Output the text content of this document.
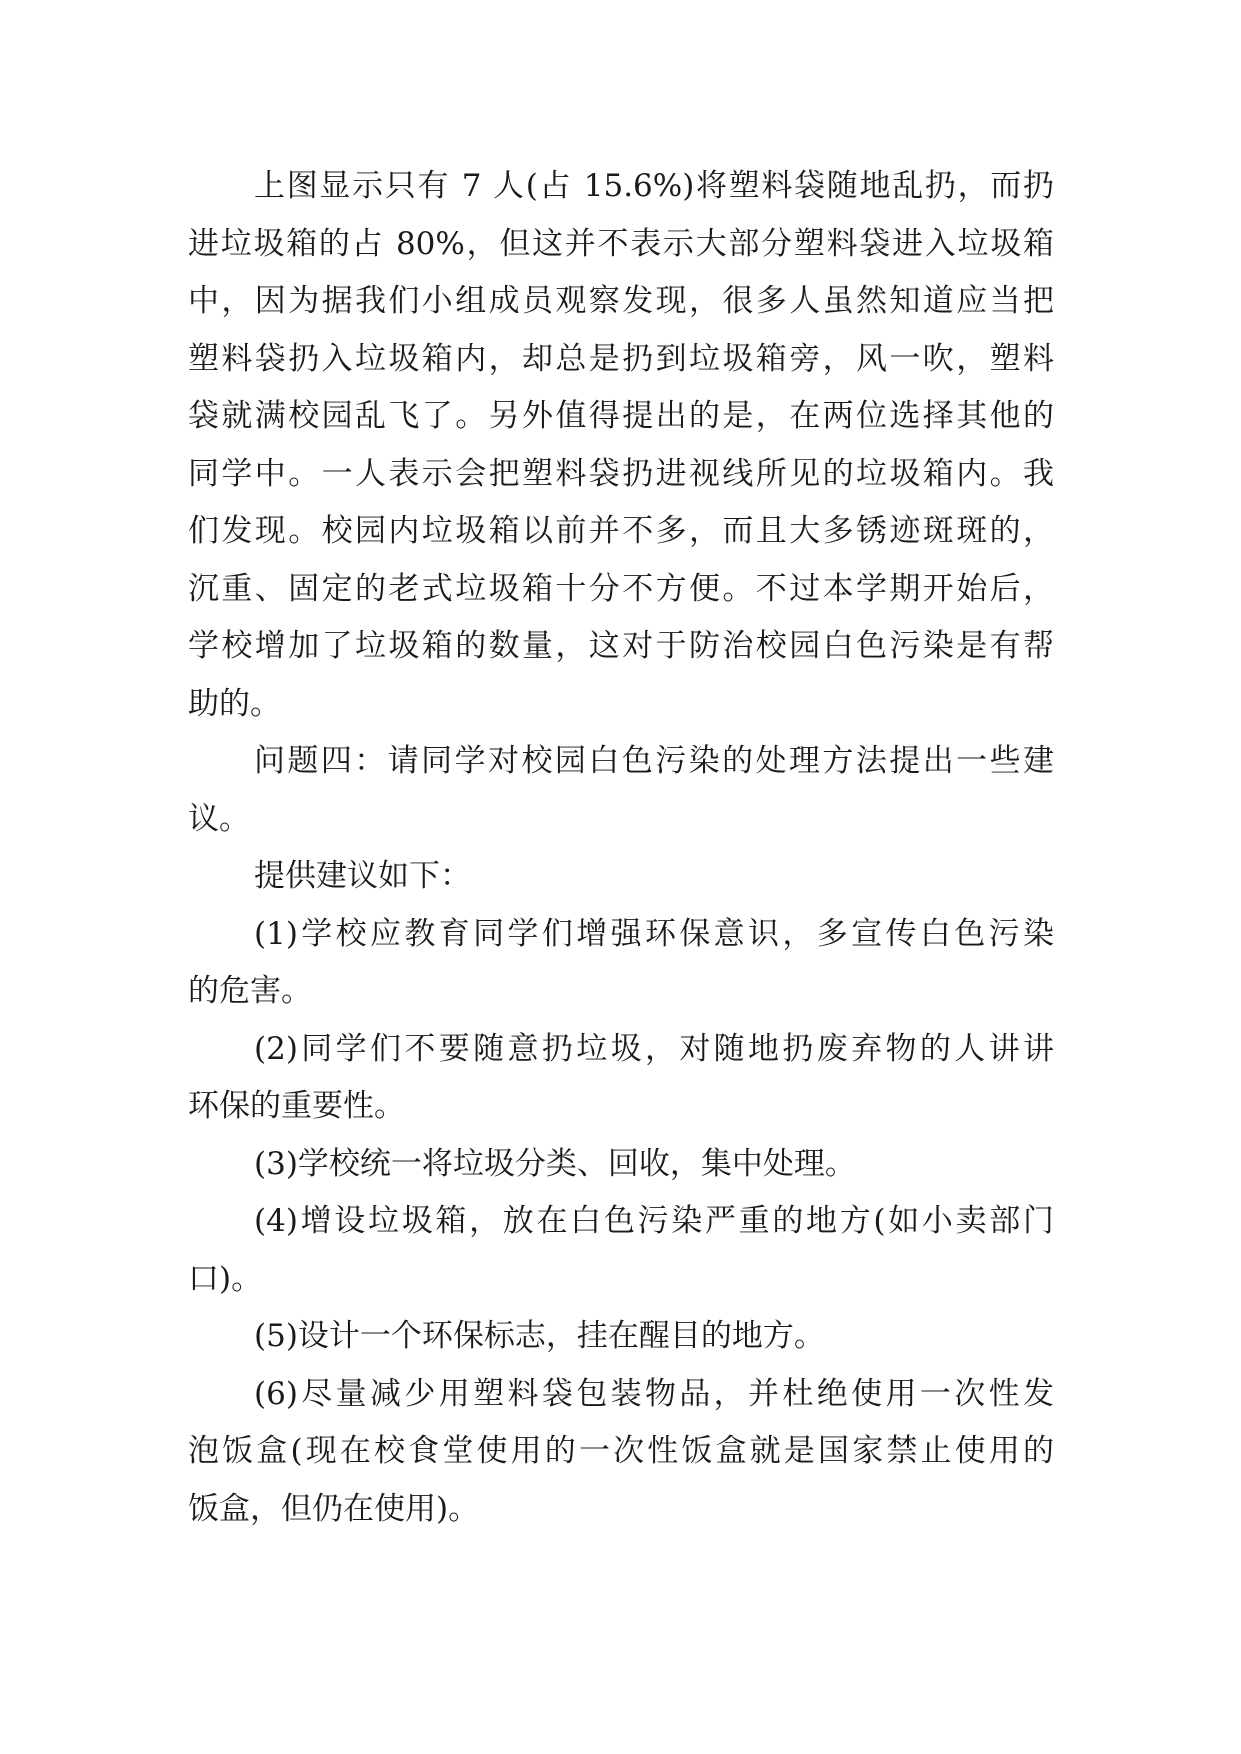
上图显示只有 7 人(占 15.6%)将塑料袋随地乱扔，而扔
进垃圾箱的占 80%，但这并不表示大部分塑料袋进入垃圾箱
中，因为据我们小组成员观察发现，很多人虽然知道应当把
塑料袋扔入垃圾箱内，却总是扔到垃圾箱旁，风一吹，塑料
袋就满校园乱飞了。另外值得提出的是，在两位选择其他的
同学中。一人表示会把塑料袋扔进视线所见的垃圾箱内。我
们发现。校园内垃圾箱以前并不多，而且大多锈迹斑斑的，
沉重、固定的老式垃圾箱十分不方便。不过本学期开始后，
学校增加了垃圾箱的数量，这对于防治校园白色污染是有帮
助的。
问题四：请同学对校园白色污染的处理方法提出一些建
议。
提供建议如下：
(1)学校应教育同学们增强环保意识，多宣传白色污染
的危害。
(2)同学们不要随意扔垃圾，对随地扔废弃物的人讲讲
环保的重要性。
(3)学校统一将垃圾分类、回收，集中处理。
(4)增设垃圾箱，放在白色污染严重的地方(如小卖部门
口)。
(5)设计一个环保标志，挂在醒目的地方。
(6)尽量减少用塑料袋包装物品，并杜绝使用一次性发
泡饭盒(现在校食堂使用的一次性饭盒就是国家禁止使用的
饭盒，但仍在使用)。
